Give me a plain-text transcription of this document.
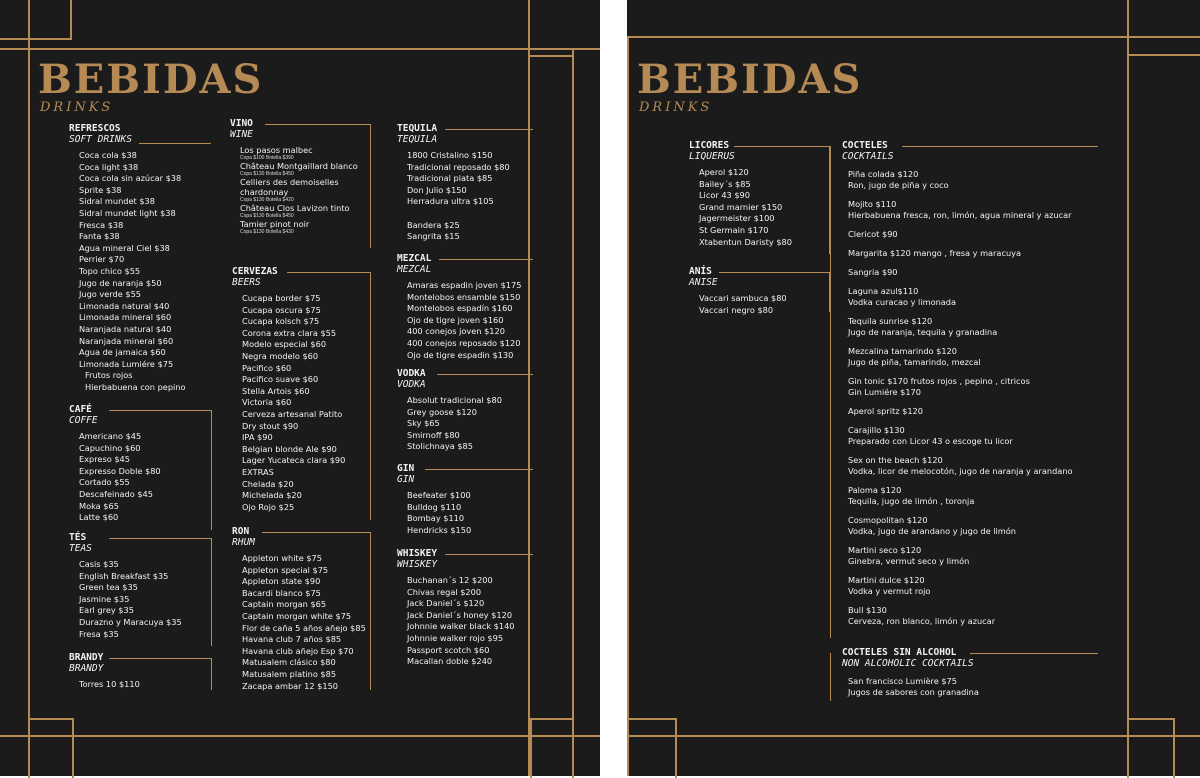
BEBIDAS
DRINKS
REFRESCOS
SOFT DRINKS
Coca cola $38
Coca light $38
Coca cola sin azúcar $38
Sprite $38
Sidral mundet $38
Sidral mundet light $38
Fresca $38
Fanta $38
Agua mineral Ciel $38
Perrier $70
Topo chico $55
Jugo de naranja $50
Jugo verde $55
Limonada natural $40
Limonada mineral $60
Naranjada natural $40
Naranjada mineral $60
Agua de jamaica $60
Limonada Lumiére $75
Frutos rojos
Hierbabuena con pepino
CAFÉ
COFFE
Americano $45
Capuchino $60
Expreso $45
Expresso Doble $80
Cortado $55
Descafeinado $45
Moka $65
Latte $60
TÉS
TEAS
Casis $35
English Breakfast $35
Green tea $35
Jasmine $35
Earl grey $35
Durazno y Maracuya $35
Fresa $35
BRANDY
BRANDY
Torres 10 $110
VINO
WINE
Los pasos malbec
Copa $100 Botella $390
Château Montgaillard blanco
Copa $130 Botella $450
Celliers des demoiselles
chardonnay
Copa $130 Botella $420
Château Clos Lavizon tinto
Copa $130 Botella $450
Tamier pinot noir
Copa $130 Botella $430
CERVEZAS
BEERS
Cucapa border $75
Cucapa oscura $75
Cucapa kolsch $75
Corona extra clara $55
Modelo especial $60
Negra modelo $60
Pacifico $60
Pacifico suave $60
Stella Artois $60
Victoria $60
Cerveza artesanal Patito
Dry stout $90
IPA $90
Belgian blonde Ale $90
Lager Yucateca clara $90
EXTRAS
Chelada $20
Michelada $20
Ojo Rojo $25
RON
RHUM
Appleton white $75
Appleton special $75
Appleton state $90
Bacardi blanco $75
Captain morgan $65
Captain morgan white $75
Flor de caña 5 años añejo $85
Havana club 7 años $85
Havana club añejo Esp $70
Matusalem clásico $80
Matusalem platino $85
Zacapa ambar 12 $150
TEQUILA
TEQUILA
1800 Cristalino $150
Tradicional reposado $80
Tradicional plata $85
Don Julio $150
Herradura ultra $105

Bandera $25
Sangrita $15
MEZCAL
MEZCAL
Amaras espadin joven $175
Montelobos ensamble $150
Montelobos espadín $160
Ojo de tigre joven $160
400 conejos joven $120
400 conejos reposado $120
Ojo de tigre espadin $130
VODKA
VODKA
Absolut tradicional $80
Grey goose $120
Sky $65
Smirnoff $80
Stolichnaya $85
GIN
GIN
Beefeater $100
Bulldog $110
Bombay $110
Hendricks $150
WHISKEY
WHISKEY
Buchanan´s 12 $200
Chivas regal $200
Jack Daniel´s $120
Jack Daniel´s honey $120
Johnnie walker black $140
Johnnie walker rojo $95
Passport scotch $60
Macallan doble $240
BEBIDAS
DRINKS
LICORES
LIQUERUS
Aperol $120
Bailey´s $85
Licor 43 $90
Grand marnier $150
Jagermeister $100
St Germain $170
Xtabentun Daristy $80
ANÍS
ANISE
Vaccari sambuca $80
Vaccari negro $80
COCTELES
COCKTAILS
Piña colada $120
Ron, jugo de piña y coco
Mojito $110
Hierbabuena fresca, ron, limón, agua mineral y azucar
Clericot $90
Margarita $120 mango , fresa y maracuya
Sangria $90
Laguna azul$110
Vodka curacao y limonada
Tequila sunrise $120
Jugo de naranja, tequila y granadina
Mezcalina tamarindo $120
Jugo de piña, tamarindo, mezcal
Gin tonic $170 frutos rojos , pepino , citricos
Gin Lumiére $170
Aperol spritz $120
Carajillo $130
Preparado con Licor 43 o escoge tu licor
Sex on the beach $120
Vodka, licor de melocotón, jugo de naranja y arandano
Paloma $120
Tequila, jugo de limón , toronja
Cosmopolitan $120
Vodka, jugo de arandano y jugo de limón
Martini seco $120
Ginebra, vermut seco y limón
Martini dulce $120
Vodka y vermut rojo
Bull $130
Cerveza, ron blanco, limón y azucar
COCTELES SIN ALCOHOL
NON ALCOHOLIC COCKTAILS
San francisco Lumière $75
Jugos de sabores con granadina
